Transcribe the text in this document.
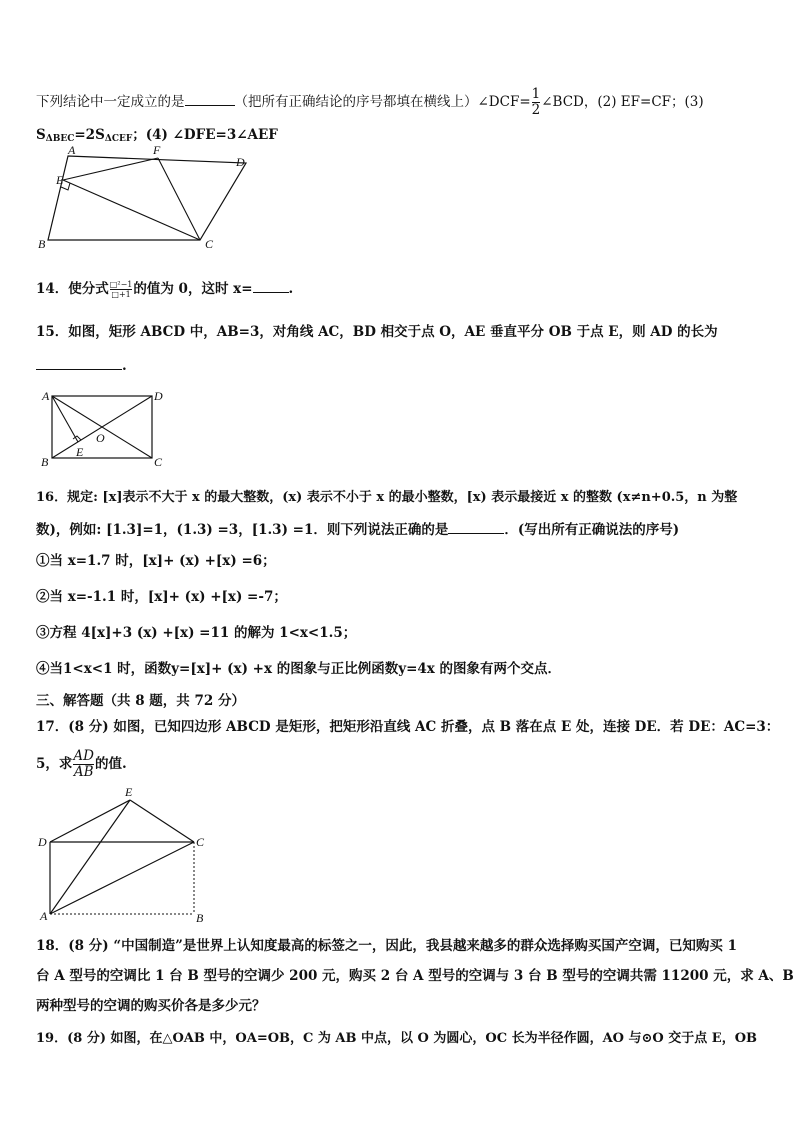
下列结论中一定成立的是	（把所有正确结论的序号都填在横线上）∠DCF= $\frac{1}{2}$ ∠BCD，(2) EF=CF；(3)
$S_{\Delta BEC}=2S_{\Delta CEF}$；(4) ∠DFE=3∠AEF
A	F
D
E
B	C
14．使分式 $\frac{\text{□²−1}}{□+1}$ 的值为 0，这时 x=	.
15．如图，矩形 ABCD 中，AB=3，对角线 AC，BD 相交于点 O，AE 垂直平分 OB 于点 E，则 AD 的长为
.
A	D
O
E
B	C
16．规定: [x]表示不大于 x 的最大整数，(x) 表示不小于 x 的最小整数，[x) 表示最接近 x 的整数 (x≠n+0.5，n 为整
数)，例如: [1.3]=1，(1.3) =3，[1.3) =1．则下列说法正确的是	．(写出所有正确说法的序号)
①当 x=1.7 时，[x]+ (x) +[x) =6；
②当 x=-1.1 时，[x]+ (x) +[x) =-7；
③方程 4[x]+3 (x) +[x) =11 的解为 1<x<1.5；
④当1<x<1 时，函数y=[x]+ (x) +x 的图象与正比例函数y=4x 的图象有两个交点．
三、解答题（共 8 题，共 72 分）
17．(8 分) 如图，已知四边形 ABCD 是矩形，把矩形沿直线 AC 折叠，点 B 落在点 E 处，连接 DE．若 DE：AC=3：
5，求 $\frac{AD}{AB}$ 的值.
E
D	C
A	B
18．(8 分) “中国制造”是世界上认知度最高的标签之一，因此，我县越来越多的群众选择购买国产空调，已知购买 1
台 A 型号的空调比 1 台 B 型号的空调少 200 元，购买 2 台 A 型号的空调与 3 台 B 型号的空调共需 11200 元，求 A、B
两种型号的空调的购买价各是多少元？
19．(8 分) 如图，在△OAB 中，OA=OB，C 为 AB 中点，以 O 为圆心，OC 长为半径作圆，AO 与⊙O 交于点 E，OB
